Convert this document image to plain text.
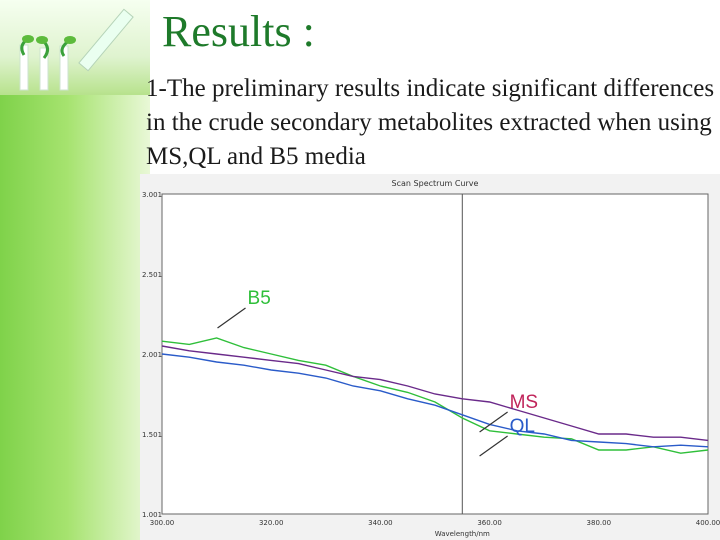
Results :

1-The preliminary results indicate significant differences in the crude secondary metabolites extracted when using MS,QL and B5 media

Scan Spectrum Curve
3.001
2.501
2.001
1.501
1.001
300.00	320.00	340.00	360.00	380.00	400.00
B5
MS
QL
Wavelength/nm
